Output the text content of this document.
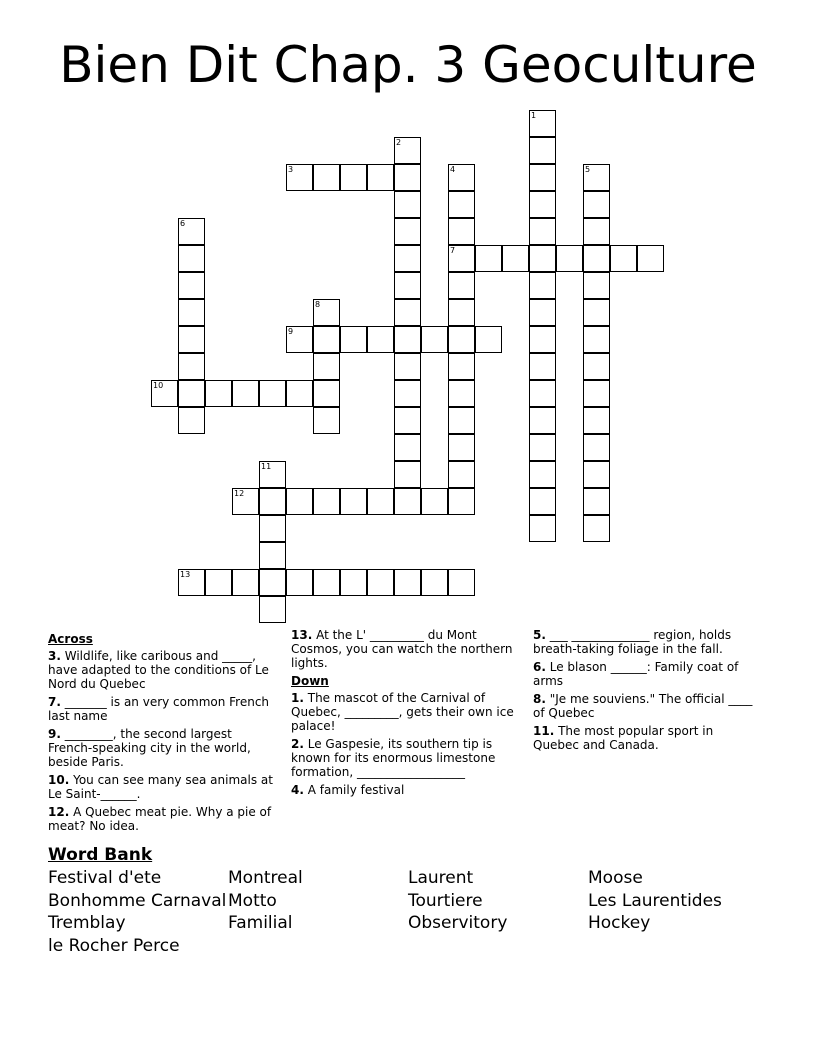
Bien Dit Chap. 3 Geoculture
1
2
3	4
7
5
6
8
9
10
11
12
13
Across
3. Wildlife, like caribous and _____, have adapted to the conditions of Le Nord du Quebec
7. _______ is an very common French last name
9. ________, the second largest French-speaking city in the world, beside Paris.
10. You can see many sea animals at Le Saint-______.
12. A Quebec meat pie. Why a pie of meat? No idea.
13. At the L' _________ du Mont Cosmos, you can watch the northern lights.
Down
1. The mascot of the Carnival of Quebec, _________, gets their own ice palace!
2. Le Gaspesie, its southern tip is known for its enormous limestone formation, __________________
4. A family festival
5. ___ _____________ region, holds breath-taking foliage in the fall.
6. Le blason ______: Family coat of arms
8. "Je me souviens." The official ____ of Quebec
11. The most popular sport in Quebec and Canada.
Word Bank
Festival d'ete
Bonhomme Carnaval
Tremblay
le Rocher Perce
Montreal
Motto
Familial
Laurent
Tourtiere
Observitory
Moose
Les Laurentides
Hockey
